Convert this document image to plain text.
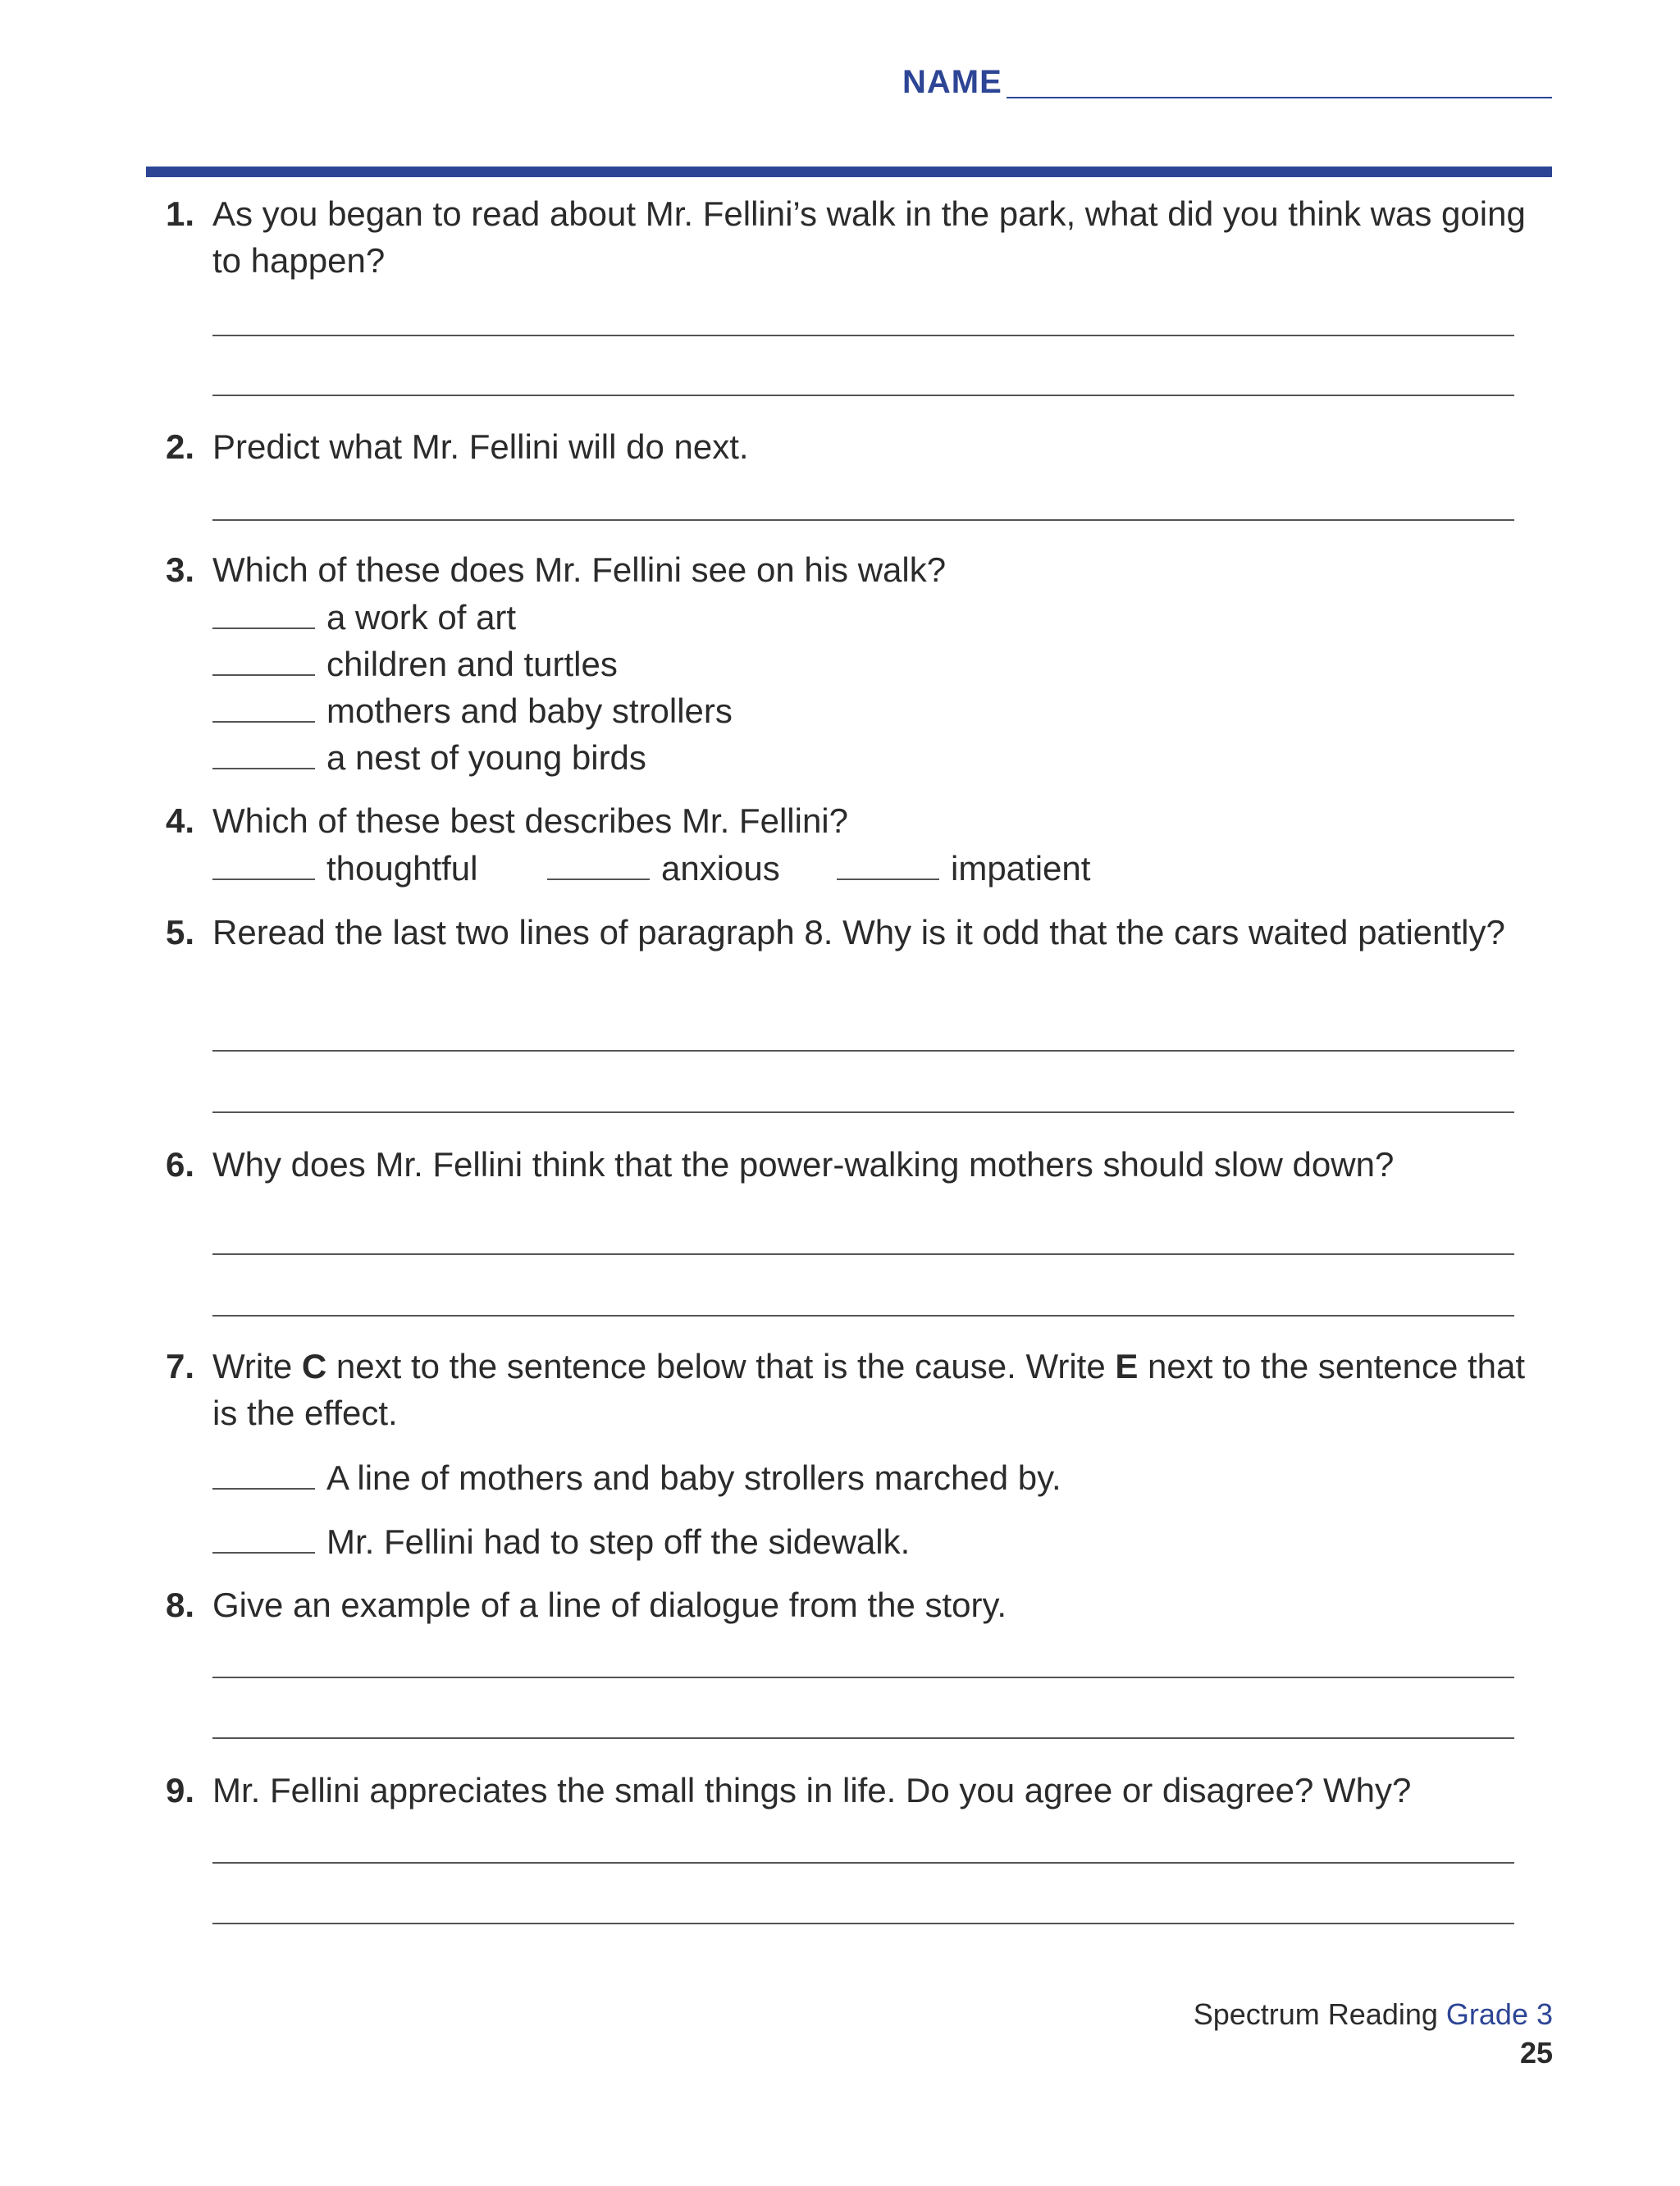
NAME
1. As you began to read about Mr. Fellini’s walk in the park, what did you think was going to happen?
2. Predict what Mr. Fellini will do next.
3. Which of these does Mr. Fellini see on his walk?
a work of art
children and turtles
mothers and baby strollers
a nest of young birds
4. Which of these best describes Mr. Fellini?
thoughtful	anxious	impatient
5. Reread the last two lines of paragraph 8. Why is it odd that the cars waited patiently?
6. Why does Mr. Fellini think that the power-walking mothers should slow down?
7. Write C next to the sentence below that is the cause. Write E next to the sentence that is the effect.
A line of mothers and baby strollers marched by.
Mr. Fellini had to step off the sidewalk.
8. Give an example of a line of dialogue from the story.
9. Mr. Fellini appreciates the small things in life. Do you agree or disagree? Why?
Spectrum Reading Grade 3
25
